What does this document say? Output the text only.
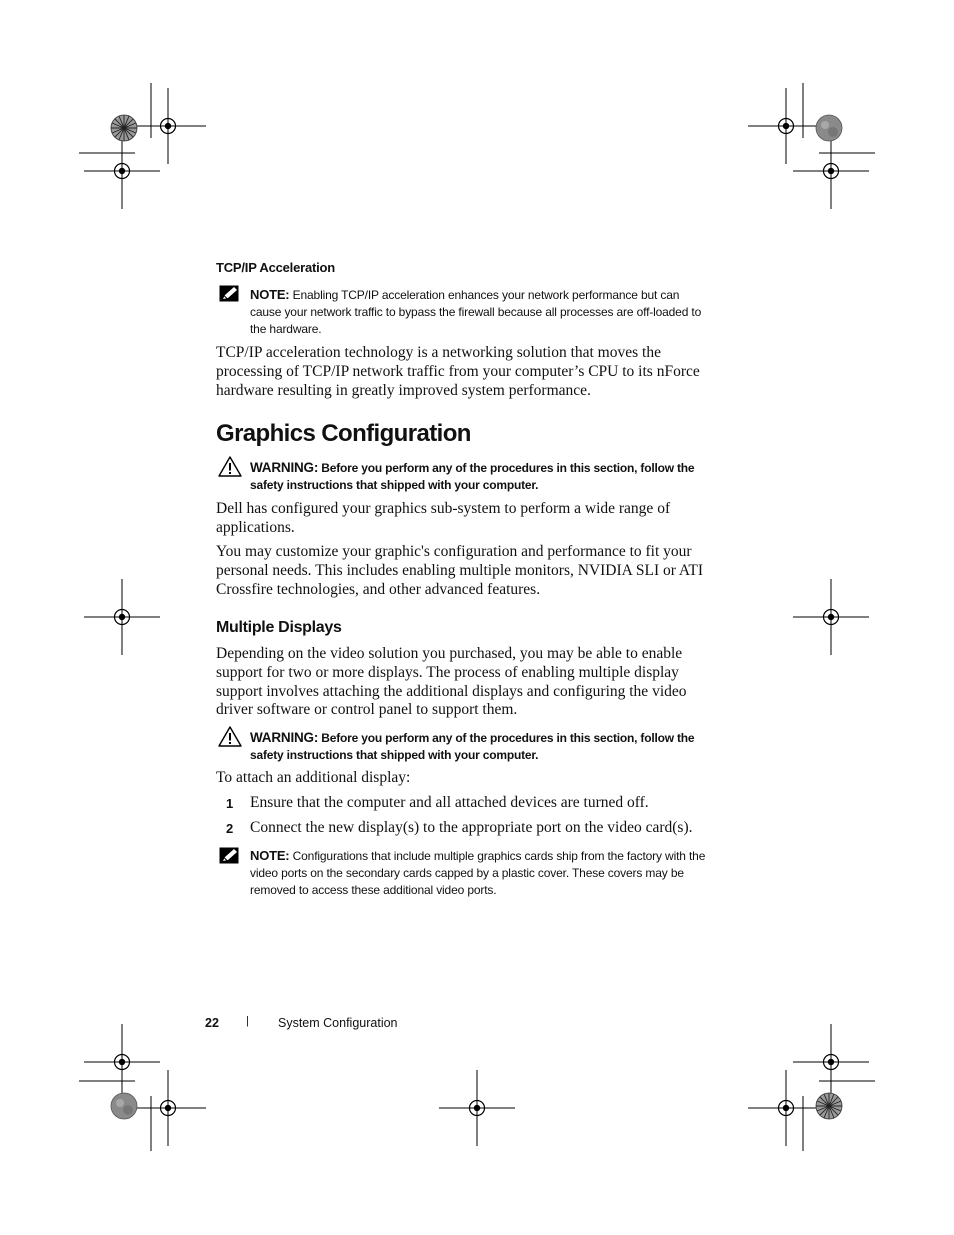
TCP/IP Acceleration
NOTE: Enabling TCP/IP acceleration enhances your network performance but can cause your network traffic to bypass the firewall because all processes are off-loaded to the hardware.
TCP/IP acceleration technology is a networking solution that moves the processing of TCP/IP network traffic from your computer’s CPU to its nForce hardware resulting in greatly improved system performance.
Graphics Configuration
WARNING: Before you perform any of the procedures in this section, follow the safety instructions that shipped with your computer.
Dell has configured your graphics sub-system to perform a wide range of applications.
You may customize your graphic's configuration and performance to fit your personal needs. This includes enabling multiple monitors, NVIDIA SLI or ATI Crossfire technologies, and other advanced features.
Multiple Displays
Depending on the video solution you purchased, you may be able to enable support for two or more displays. The process of enabling multiple display support involves attaching the additional displays and configuring the video driver software or control panel to support them.
WARNING: Before you perform any of the procedures in this section, follow the safety instructions that shipped with your computer.
To attach an additional display:
1 Ensure that the computer and all attached devices are turned off.
2 Connect the new display(s) to the appropriate port on the video card(s).
NOTE: Configurations that include multiple graphics cards ship from the factory with the video ports on the secondary cards capped by a plastic cover. These covers may be removed to access these additional video ports.
22 | System Configuration
